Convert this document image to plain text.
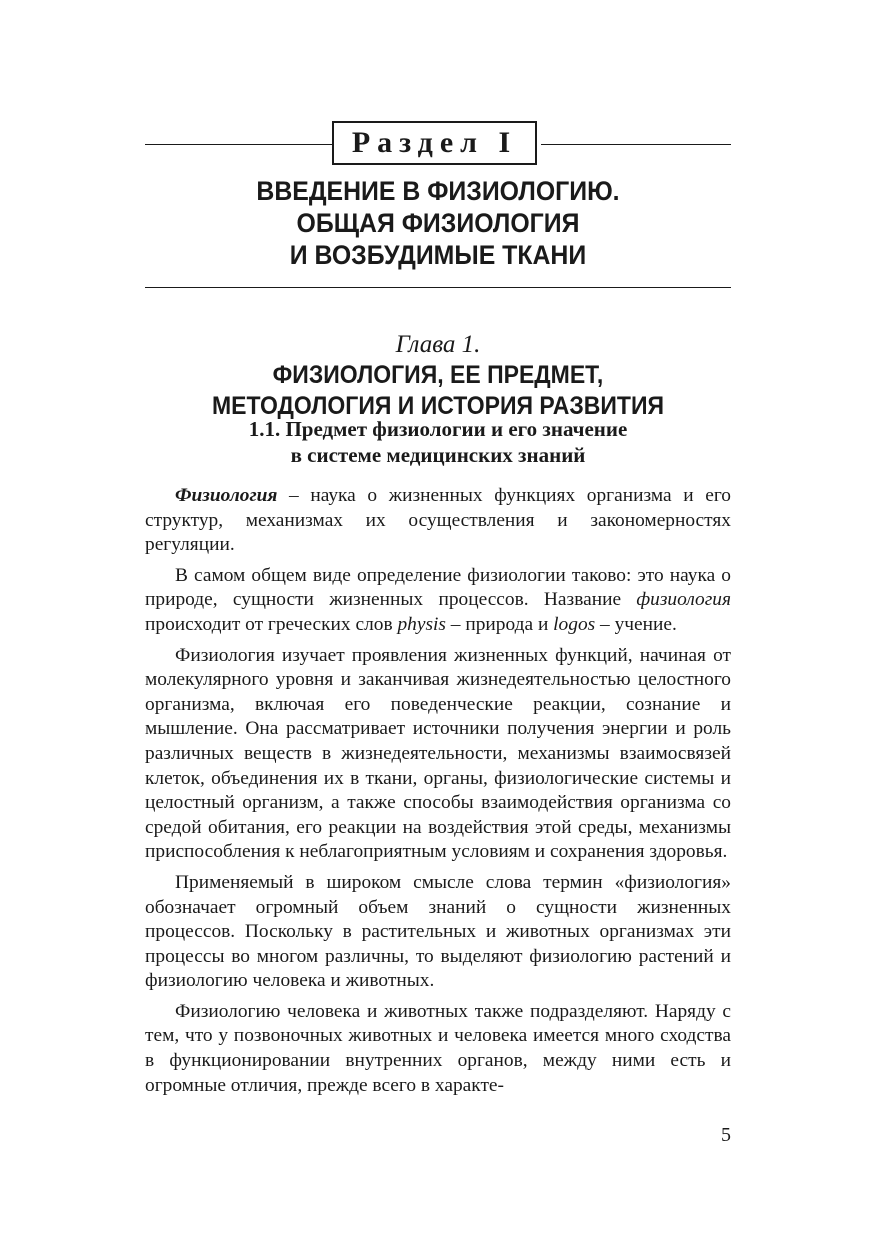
Раздел I
ВВЕДЕНИЕ В ФИЗИОЛОГИЮ.
ОБЩАЯ ФИЗИОЛОГИЯ
И ВОЗБУДИМЫЕ ТКАНИ
Глава 1.
ФИЗИОЛОГИЯ, ЕЕ ПРЕДМЕТ,
МЕТОДОЛОГИЯ И ИСТОРИЯ РАЗВИТИЯ
1.1. Предмет физиологии и его значение
в системе медицинских знаний

Физиология – наука о жизненных функциях организма и его структур, механизмах их осуществления и закономерностях регуляции.

В самом общем виде определение физиологии таково: это наука о природе, сущности жизненных процессов. Название физиология происходит от греческих слов physis – природа и logos – учение.

Физиология изучает проявления жизненных функций, начиная от молекулярного уровня и заканчивая жизнедеятельностью целостного организма, включая его поведенческие реакции, сознание и мышление. Она рассматривает источники получения энергии и роль различных веществ в жизнедеятельности, механизмы взаимосвязей клеток, объединения их в ткани, органы, физиологические системы и целостный организм, а также способы взаимодействия организма со средой обитания, его реакции на воздействия этой среды, механизмы приспособления к неблагоприятным условиям и сохранения здоровья.

Применяемый в широком смысле слова термин «физиология» обозначает огромный объем знаний о сущности жизненных процессов. Поскольку в растительных и животных организмах эти процессы во многом различны, то выделяют физиологию растений и физиологию человека и животных.

Физиологию человека и животных также подразделяют. Наряду с тем, что у позвоночных животных и человека имеется много сходства в функционировании внутренних органов, между ними есть и огромные отличия, прежде всего в характе-

5
